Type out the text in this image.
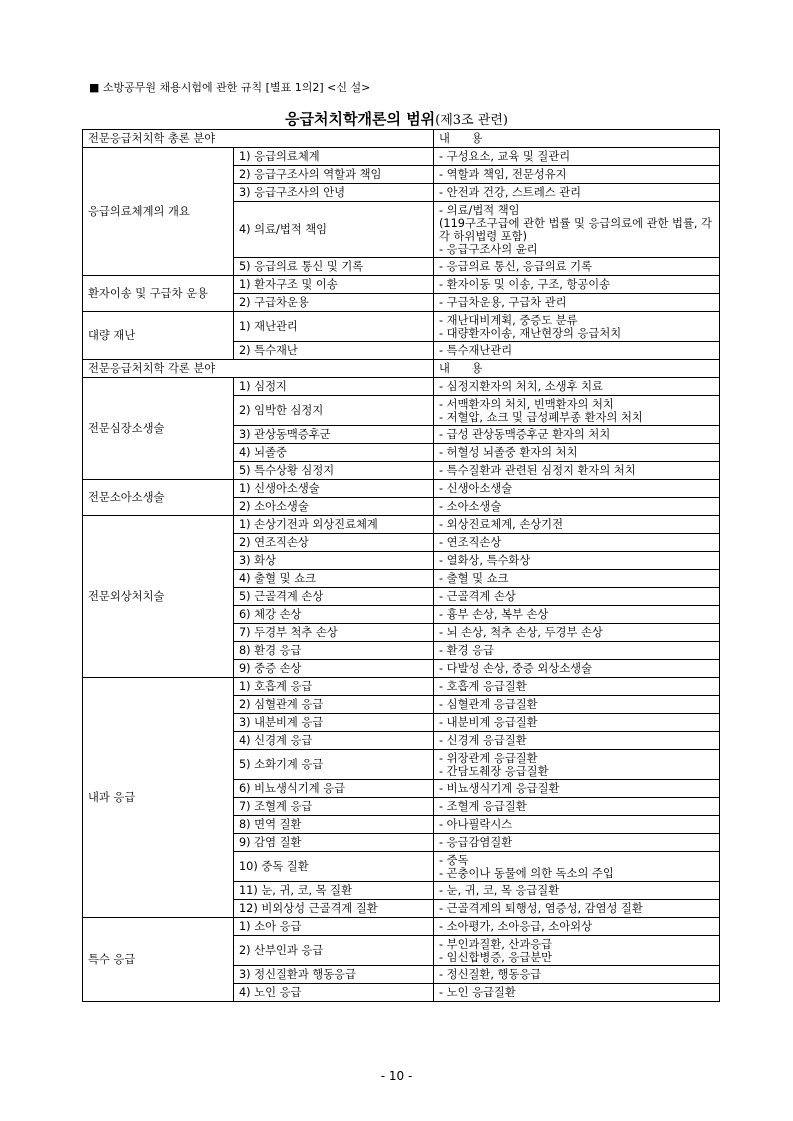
■ 소방공무원 채용시험에 관한 규칙 [별표 1의2] <신 설>
응급처치학개론의 범위(제3조 관련)
전문응급처치학 총론 분야		내      용
응급의료체계의 개요	1) 응급의료체계	- 구성요소, 교육 및 질관리

	2) 응급구조사의 역할과 책임	- 역할과 책임, 전문성유지

	3) 응급구조사의 안녕	- 안전과 건강, 스트레스 관리

	4) 의료/법적 책임	- 의료/법적 책임
(119구조구급에 관한 법률 및 응급의료에 관한 법률, 각각 하위법령 포함)
- 응급구조사의 윤리

	5) 응급의료 통신 및 기록	- 응급의료 통신, 응급의료 기록

환자이송 및 구급차 운용	1) 환자구조 및 이송	- 환자이동 및 이송, 구조, 항공이송

	2) 구급차운용	- 구급차운용, 구급차 관리

대량 재난	1) 재난관리	- 재난대비계획, 중증도 분류
- 대량환자이송, 재난현장의 응급처치

	2) 특수재난	- 특수재난관리

전문응급처치학 각론 분야		내      용
전문심장소생술	1) 심정지	- 심정지환자의 처치, 소생후 치료

	2) 임박한 심정지	- 서맥환자의 처치, 빈맥환자의 처치
- 저혈압, 쇼크 및 급성폐부종 환자의 처치

	3) 관상동맥증후군	- 급성 관상동맥증후군 환자의 처치

	4) 뇌졸중	- 허혈성 뇌졸중 환자의 처치

	5) 특수상황 심정지	- 특수질환과 관련된 심정지 환자의 처치

전문소아소생술	1) 신생아소생술	- 신생아소생술

	2) 소아소생술	- 소아소생술

전문외상처치술	1) 손상기전과 외상진료체계	- 외상진료체계, 손상기전

	2) 연조직손상	- 연조직손상

	3) 화상	- 열화상, 특수화상

	4) 출혈 및 쇼크	- 출혈 및 쇼크

	5) 근골격계 손상	- 근골격계 손상

	6) 체강 손상	- 흉부 손상, 복부 손상

	7) 두경부 척추 손상	- 뇌 손상, 척추 손상, 두경부 손상

	8) 환경 응급	- 환경 응급

	9) 중증 손상	- 다발성 손상, 중증 외상소생술

내과 응급	1) 호흡계 응급	- 호흡계 응급질환

	2) 심혈관계 응급	- 심혈관계 응급질환

	3) 내분비계 응급	- 내분비계 응급질환

	4) 신경계 응급	- 신경계 응급질환

	5) 소화기계 응급	- 위장관계 응급질환
- 간담도췌장 응급질환

	6) 비뇨생식기계 응급	- 비뇨생식기계 응급질환

	7) 조혈계 응급	- 조혈계 응급질환

	8) 면역 질환	- 아나필락시스

	9) 감염 질환	- 응급감염질환

	10) 중독 질환	- 중독
- 곤충이나 동물에 의한 독소의 주입

	11) 눈, 귀, 코, 목 질환	- 눈, 귀, 코, 목 응급질환

	12) 비외상성 근골격계 질환	- 근골격계의 퇴행성, 염증성, 감염성 질환

특수 응급	1) 소아 응급	- 소아평가, 소아응급, 소아외상

	2) 산부인과 응급	- 부인과질환, 산과응급
- 임신합병증, 응급분만

	3) 정신질환과 행동응급	- 정신질환, 행동응급

	4) 노인 응급	- 노인 응급질환
- 10 -
